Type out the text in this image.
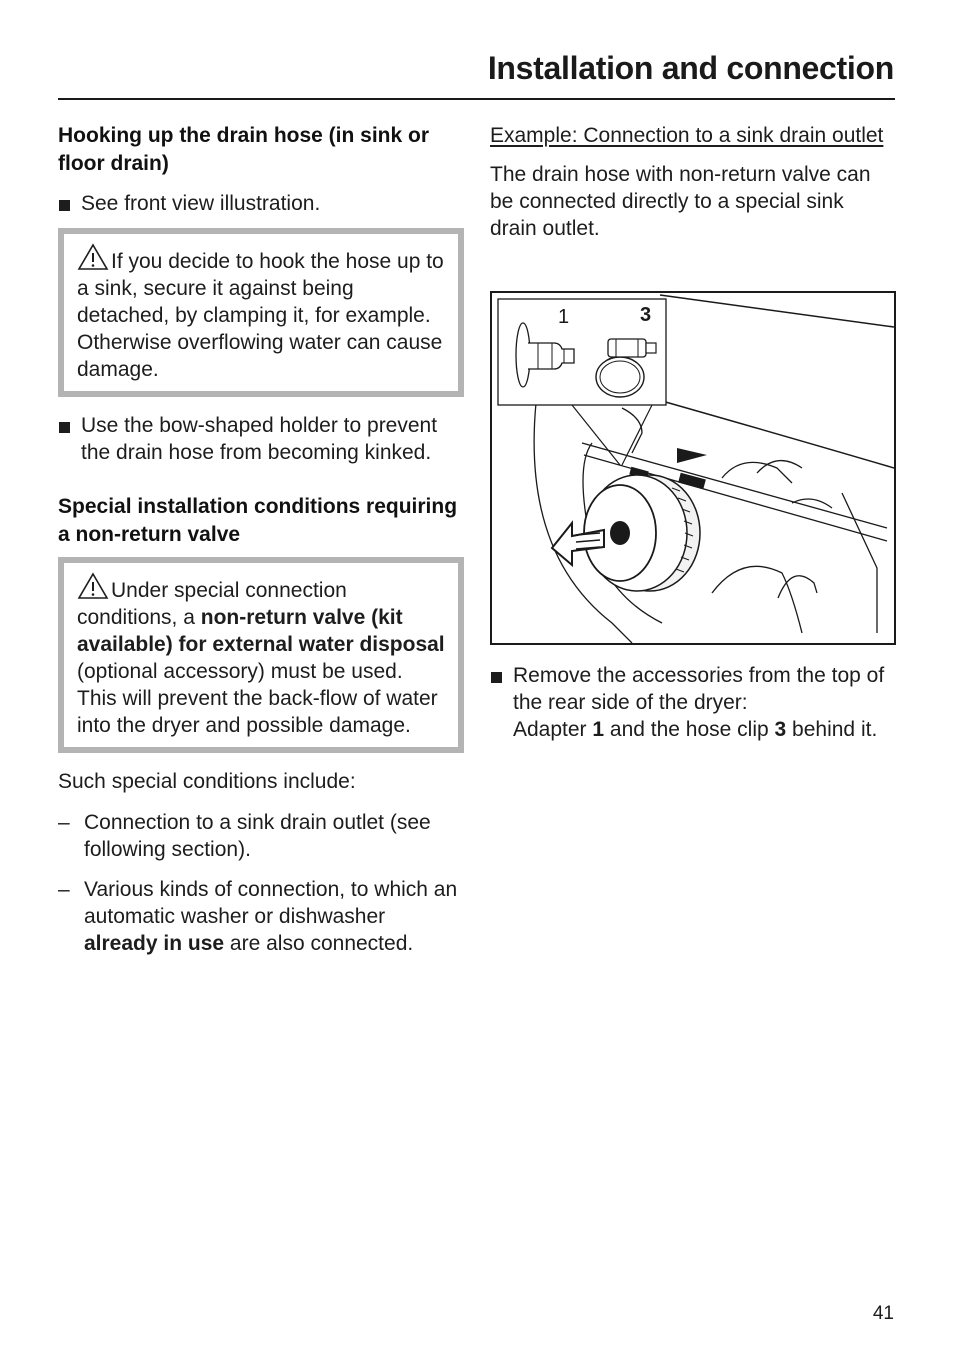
Installation and connection
Hooking up the drain hose (in sink or floor drain)
See front view illustration.
If you decide to hook the hose up to a sink, secure it against being detached, by clamping it, for example. Otherwise overflowing water can cause damage.
Use the bow-shaped holder to prevent the drain hose from becoming kinked.
Special installation conditions requiring a non-return valve
Under special connection conditions, a non-return valve (kit available) for external water disposal (optional accessory) must be used. This will prevent the back-flow of water into the dryer and possible damage.
Such special conditions include:
– Connection to a sink drain outlet (see following section).
– Various kinds of connection, to which an automatic washer or dishwasher already in use are also connected.
Example: Connection to a sink drain outlet
The drain hose with non-return valve can be connected directly to a special sink drain outlet.
1	3
Remove the accessories from the top of the rear side of the dryer:
Adapter 1 and the hose clip 3 behind it.
41
